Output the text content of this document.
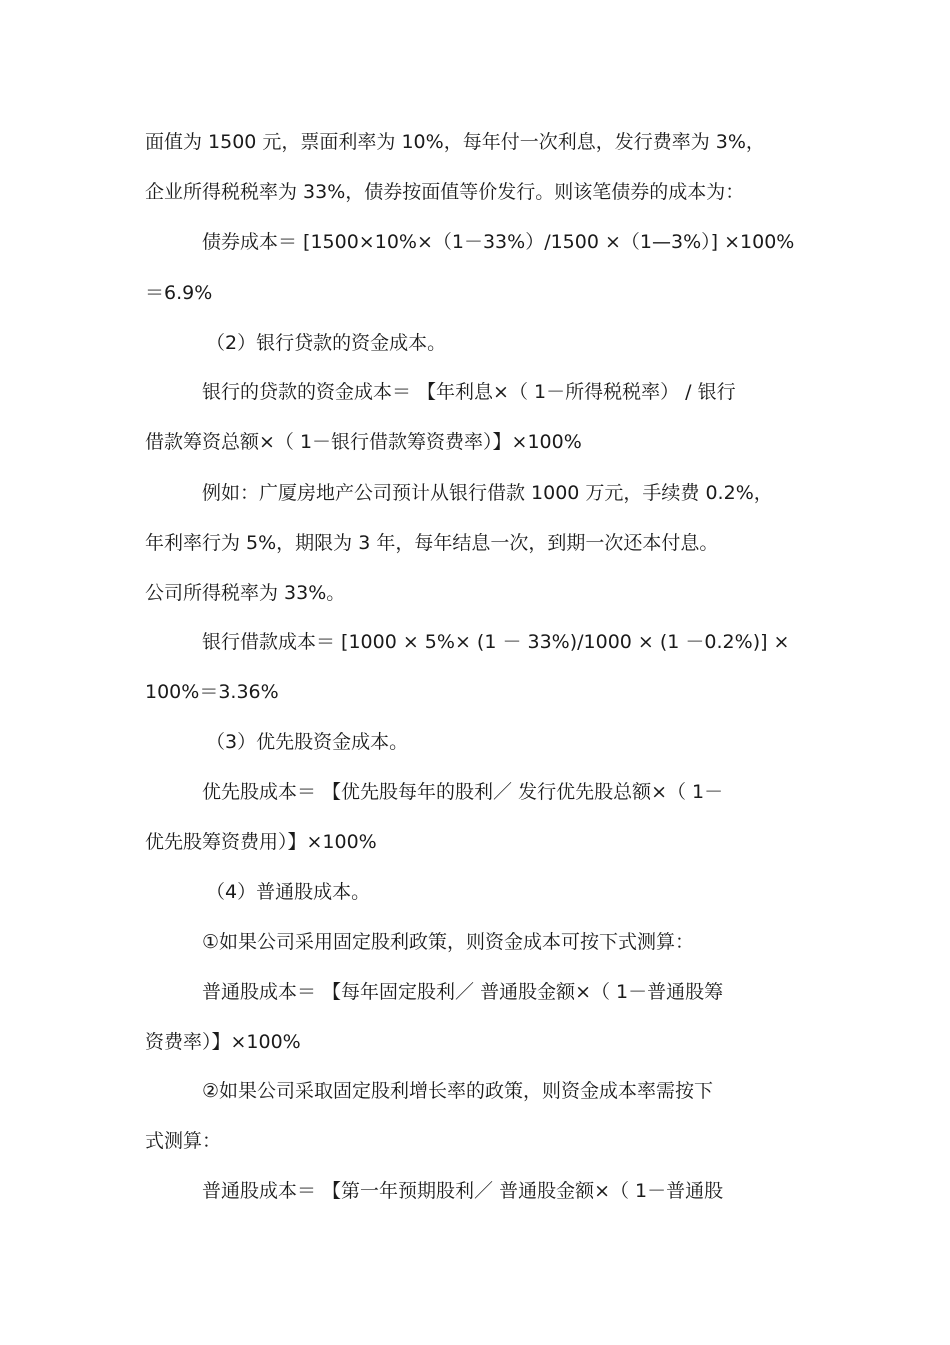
面值为 1500 元，票面利率为 10%，每年付一次利息，发行费率为 3%，
企业所得税税率为 33%，债券按面值等价发行。则该笔债券的成本为：
债券成本＝ [1500×10%×（1－33%）/1500 ×（1—3%）] ×100%
＝6.9%
（2）银行贷款的资金成本。
银行的贷款的资金成本＝ 【年利息×（ 1－所得税税率） / 银行
借款筹资总额×（ 1－银行借款筹资费率）】×100%
例如：广厦房地产公司预计从银行借款 1000 万元，手续费 0.2%，
年利率行为 5%，期限为 3 年，每年结息一次，到期一次还本付息。
公司所得税率为 33%。
银行借款成本＝ [1000 × 5%× (1 － 33%)/1000 × (1 －0.2%)] ×
100%＝3.36%
（3）优先股资金成本。
优先股成本＝ 【优先股每年的股利／ 发行优先股总额×（ 1－
优先股筹资费用）】×100%
（4）普通股成本。
①如果公司采用固定股利政策，则资金成本可按下式测算：
普通股成本＝ 【每年固定股利／ 普通股金额×（ 1－普通股筹
资费率）】×100%
②如果公司采取固定股利增长率的政策，则资金成本率需按下
式测算：
普通股成本＝ 【第一年预期股利／ 普通股金额×（ 1－普通股
